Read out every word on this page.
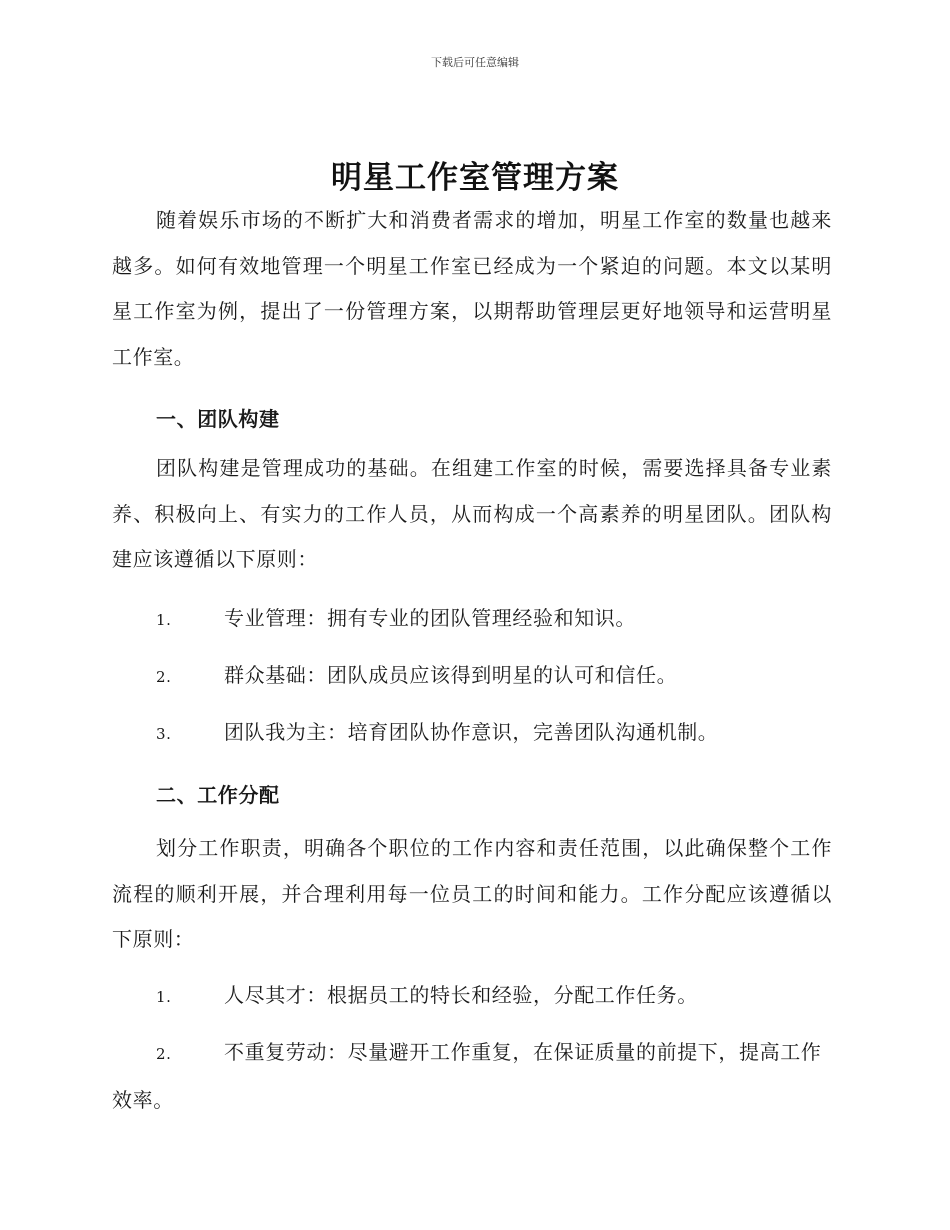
下载后可任意编辑
明星工作室管理方案

随着娱乐市场的不断扩大和消费者需求的增加，明星工作室的数量也越来越多。如何有效地管理一个明星工作室已经成为一个紧迫的问题。本文以某明星工作室为例，提出了一份管理方案，以期帮助管理层更好地领导和运营明星工作室。

一、团队构建

团队构建是管理成功的基础。在组建工作室的时候，需要选择具备专业素养、积极向上、有实力的工作人员，从而构成一个高素养的明星团队。团队构建应该遵循以下原则：

1.	专业管理：拥有专业的团队管理经验和知识。
2.	群众基础：团队成员应该得到明星的认可和信任。
3.	团队我为主：培育团队协作意识，完善团队沟通机制。
二、工作分配

划分工作职责，明确各个职位的工作内容和责任范围，以此确保整个工作流程的顺利开展，并合理利用每一位员工的时间和能力。工作分配应该遵循以下原则：

1.	人尽其才：根据员工的特长和经验，分配工作任务。
2.	不重复劳动：尽量避开工作重复，在保证质量的前提下，提高工作效率。
